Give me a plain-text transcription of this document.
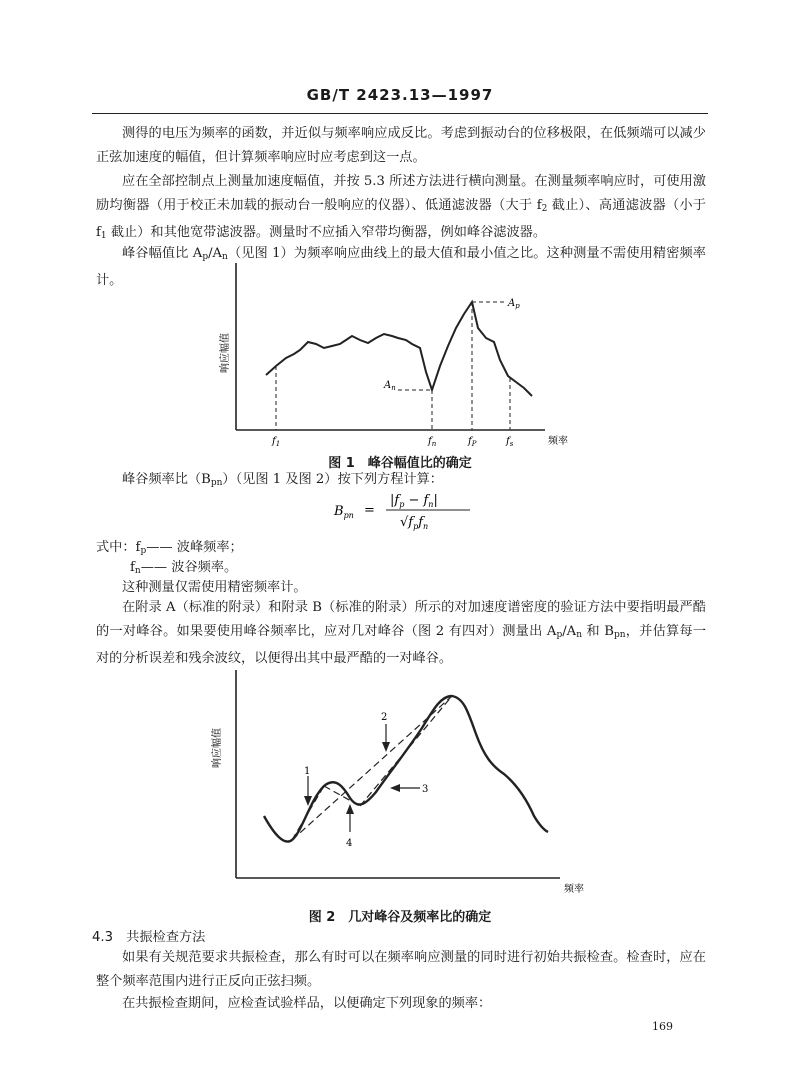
GB/T 2423.13—1997

测得的电压为频率的函数，并近似与频率响应成反比。考虑到振动台的位移极限，在低频端可以减少正弦加速度的幅值，但计算频率响应时应考虑到这一点。

应在全部控制点上测量加速度幅值，并按 5.3 所述方法进行横向测量。在测量频率响应时，可使用激励均衡器（用于校正未加载的振动台一般响应的仪器）、低通滤波器（大于 $f_2$ 截止）、高通滤波器（小于 $f_1$ 截止）和其他宽带滤波器。测量时不应插入窄带均衡器，例如峰谷滤波器。

峰谷幅值比 $A_p/A_n$（见图 1）为频率响应曲线上的最大值和最小值之比。这种测量不需使用精密频率计。

响应幅值
$A_p$
$A_n$
$f_1$	$f_n$	$f_P$	$f_s$	频率
图 1　峰谷幅值比的确定

峰谷频率比$(B_{pn})$（见图 1 及图 2）按下列方程计算：

$B_{pn}$ =
$|f_p - f_n|$
$√f_pf_n$

式中：$f_p——$ 波峰频率；

$f_n——$ 波谷频率。

这种测量仅需使用精密频率计。

在附录 A（标准的附录）和附录 B（标准的附录）所示的对加速度谱密度的验证方法中要指明最严酷的一对峰谷。如果要使用峰谷频率比，应对几对峰谷（图 2 有四对）测量出 $A_p/A_n$ 和 $B_{pn}$，并估算每一对的分析误差和残余波纹，以便得出其中最严酷的一对峰谷。

响应幅值
1
2
3
4
频率
图 2　几对峰谷及频率比的确定
4.3　共振检查方法

如果有关规范要求共振检查，那么有时可以在频率响应测量的同时进行初始共振检查。检查时，应在整个频率范围内进行正反向正弦扫频。

在共振检查期间，应检查试验样品，以便确定下列现象的频率：

169
